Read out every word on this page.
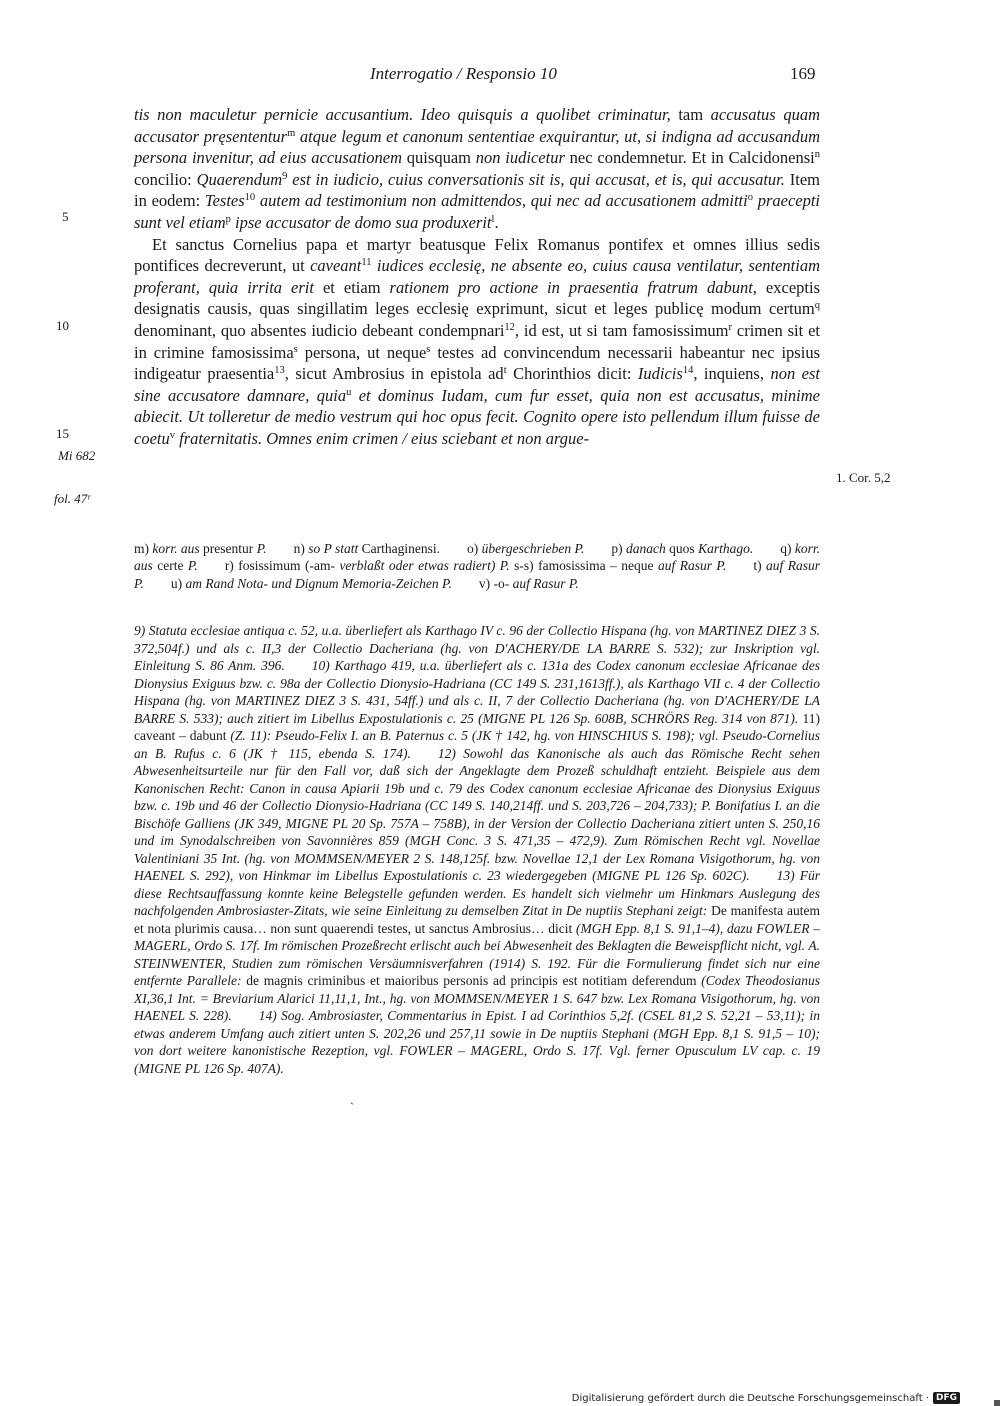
Interrogatio / Responsio 10	169

tis non maculetur pernicie accusantium. Ideo quisquis a quolibet criminatur, tam accusatus quam accusator pręsententur$^m$ atque legum et canonum sententiae exquirantur, ut, si indigna ad accusandum persona invenitur, ad eius accusationem quisquam non iudicetur nec condemnetur. Et in Calcidonensi$^n$ concilio: Quaerendum$^9$ est in iudicio, cuius conversationis sit is, qui accusat, et is, qui accusatur. Item in eodem: Testes$^{10}$ autem ad testimonium non admittendos, qui nec ad accusationem admitti$^o$ praecepti sunt vel etiam$^p$ ipse accusator de domo sua produxerit$^l$.

Et sanctus Cornelius papa et martyr beatusque Felix Romanus pontifex et omnes illius sedis pontifices decreverunt, ut caveant$^{11}$ iudices ecclesię, ne absente eo, cuius causa ventilatur, sententiam proferant, quia irrita erit et etiam rationem pro actione in praesentia fratrum dabunt, exceptis designatis causis, quas singillatim leges ecclesię exprimunt, sicut et leges publicę modum certum$^q$ denominant, quo absentes iudicio debeant condempnari$^{12}$, id est, ut si tam famosissimum$^r$ crimen sit et in crimine famosissima$^s$ persona, ut neque$^s$ testes ad convincendum necessarii habeantur nec ipsius indigeatur praesentia$^{13}$, sicut Ambrosius in epistola $ad^t$ Chorinthios dicit: Iudicis$^{14}$, inquiens, non est sine accusatore damnare, quia$^u$ et dominus Iudam, cum fur esset, quia non est accusatus, minime abiecit. Ut tolleretur de medio vestrum qui hoc opus fecit. Cognito opere isto pellendum illum fuisse de coetu$^v$ fraternitatis. Omnes enim crimen / eius sciebant et non argue-

5
10
15
Mi 682
fol. 47ʳ
1. Cor. 5,2

m) korr. aus presentur P.   n) so P statt Carthaginensi.   o) übergeschrieben P.   p) danach quos Karthago.   q) korr. aus certe P.   r) fosissimum (-am- verblaßt oder etwas radiert) P. s-s) famosissima – neque auf Rasur P.   t) auf Rasur P.   u) am Rand Nota- und Dignum Memoria-Zeichen P.   v) -o- auf Rasur P.

9) Statuta ecclesiae antiqua c. 52, u.a. überliefert als Karthago IV c. 96 der Collectio Hispana (hg. von MARTINEZ DIEZ 3 S. 372,504f.) und als c. II,3 der Collectio Dacheriana (hg. von D'ACHERY/DE LA BARRE S. 532); zur Inskription vgl. Einleitung S. 86 Anm. 396.   10) Karthago 419, u.a. überliefert als c. 131a des Codex canonum ecclesiae Africanae des Dionysius Exiguus bzw. c. 98a der Collectio Dionysio-Hadriana (CC 149 S. 231,1613ff.), als Karthago VII c. 4 der Collectio Hispana (hg. von MARTINEZ DIEZ 3 S. 431, 54ff.) und als c. II, 7 der Collectio Dacheriana (hg. von D'ACHERY/DE LA BARRE S. 533); auch zitiert im Libellus Expostulationis c. 25 (MIGNE PL 126 Sp. 608B, SCHRÖRS Reg. 314 von 871). 11) caveant – dabunt (Z. 11): Pseudo-Felix I. an B. Paternus c. 5 (JK † 142, hg. von HINSCHIUS S. 198); vgl. Pseudo-Cornelius an B. Rufus c. 6 (JK † 115, ebenda S. 174).   12) Sowohl das Kanonische als auch das Römische Recht sehen Abwesenheitsurteile nur für den Fall vor, daß sich der Angeklagte dem Prozeß schuldhaft entzieht. Beispiele aus dem Kanonischen Recht: Canon in causa Apiarii 19b und c. 79 des Codex canonum ecclesiae Africanae des Dionysius Exiguus bzw. c. 19b und 46 der Collectio Dionysio-Hadriana (CC 149 S. 140,214ff. und S. 203,726 – 204,733); P. Bonifatius I. an die Bischöfe Galliens (JK 349, MIGNE PL 20 Sp. 757A – 758B), in der Version der Collectio Dacheriana zitiert unten S. 250,16 und im Synodalschreiben von Savonnières 859 (MGH Conc. 3 S. 471,35 – 472,9). Zum Römischen Recht vgl. Novellae Valentiniani 35 Int. (hg. von MOMMSEN/MEYER 2 S. 148,125f. bzw. Novellae 12,1 der Lex Romana Visigothorum, hg. von HAENEL S. 292), von Hinkmar im Libellus Expostulationis c. 23 wiedergegeben (MIGNE PL 126 Sp. 602C).   13) Für diese Rechtsauffassung konnte keine Belegstelle gefunden werden. Es handelt sich vielmehr um Hinkmars Auslegung des nachfolgenden Ambrosiaster-Zitats, wie seine Einleitung zu demselben Zitat in De nuptiis Stephani zeigt: De manifesta autem et nota plurimis causa… non sunt quaerendi testes, ut sanctus Ambrosius… dicit (MGH Epp. 8,1 S. 91,1–4), dazu FOWLER – MAGERL, Ordo S. 17f. Im römischen Prozeßrecht erlischt auch bei Abwesenheit des Beklagten die Beweispflicht nicht, vgl. A. STEINWENTER, Studien zum römischen Versäumnisverfahren (1914) S. 192. Für die Formulierung findet sich nur eine entfernte Parallele: de magnis criminibus et maioribus personis ad principis est notitiam deferendum (Codex Theodosianus XI,36,1 Int. = Breviarium Alarici 11,11,1, Int., hg. von MOMMSEN/MEYER 1 S. 647 bzw. Lex Romana Visigothorum, hg. von HAENEL S. 228).   14) Sog. Ambrosiaster, Commentarius in Epist. I ad Corinthios 5,2f. (CSEL 81,2 S. 52,21 – 53,11); in etwas anderem Umfang auch zitiert unten S. 202,26 und 257,11 sowie in De nuptiis Stephani (MGH Epp. 8,1 S. 91,5 – 10); von dort weitere kanonistische Rezeption, vgl. FOWLER – MAGERL, Ordo S. 17f. Vgl. ferner Opusculum LV cap. c. 19 (MIGNE PL 126 Sp. 407A).

ˋ
Digitalisierung gefördert durch die Deutsche Forschungsgemeinschaft · DFG
